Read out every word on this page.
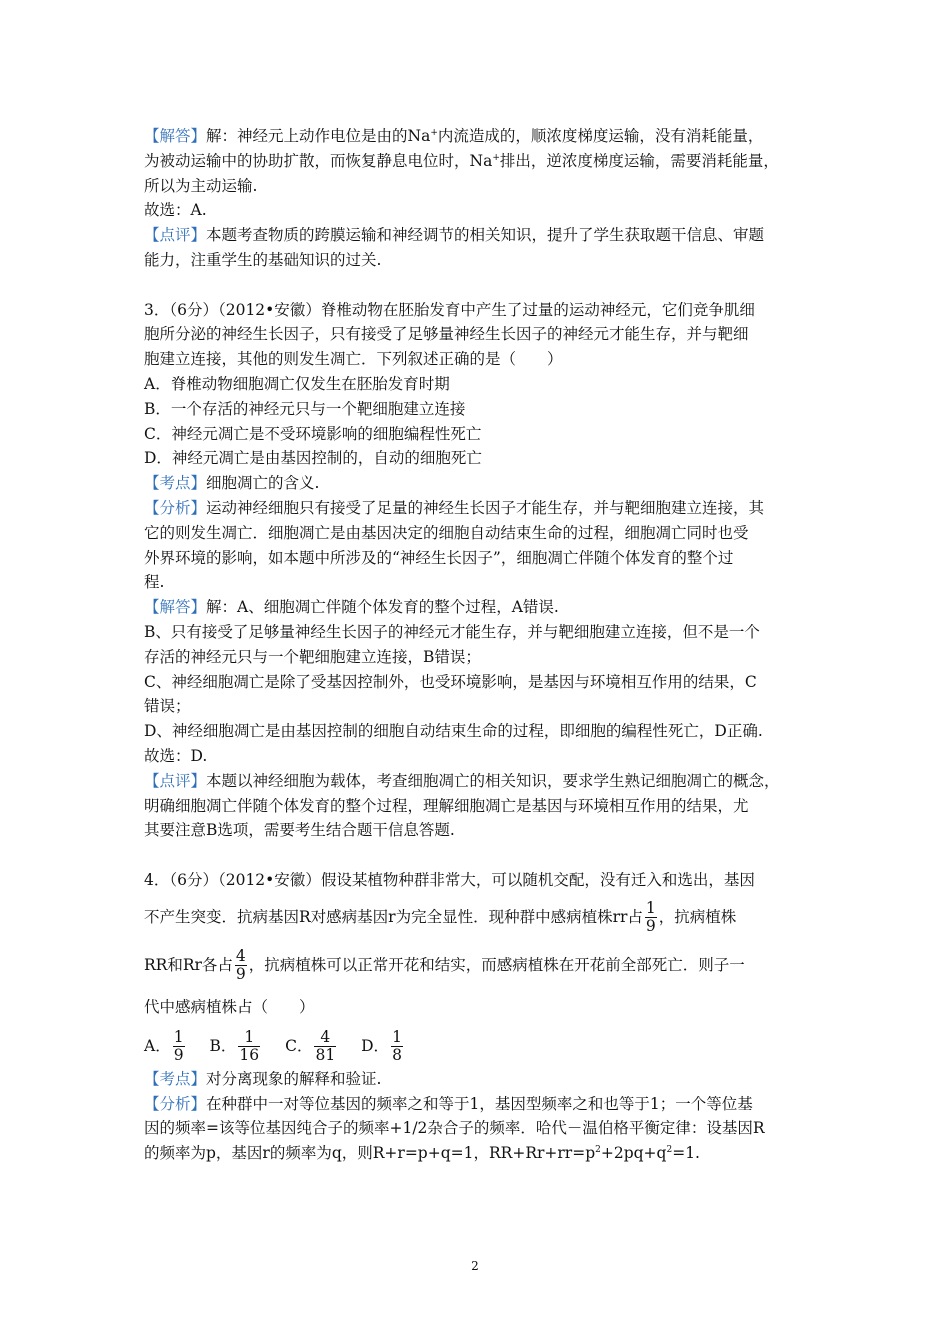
【解答】解：神经元上动作电位是由的Na+内流造成的，顺浓度梯度运输，没有消耗能量，
为被动运输中的协助扩散，而恢复静息电位时，Na+排出，逆浓度梯度运输，需要消耗能量，
所以为主动运输.
故选：A.
【点评】本题考查物质的跨膜运输和神经调节的相关知识，提升了学生获取题干信息、审题
能力，注重学生的基础知识的过关.
3．（6分）（2012•安徽）脊椎动物在胚胎发育中产生了过量的运动神经元，它们竞争肌细
胞所分泌的神经生长因子，只有接受了足够量神经生长因子的神经元才能生存，并与靶细
胞建立连接，其他的则发生凋亡．下列叙述正确的是（　　）
A．脊椎动物细胞凋亡仅发生在胚胎发育时期
B．一个存活的神经元只与一个靶细胞建立连接
C．神经元凋亡是不受环境影响的细胞编程性死亡
D．神经元凋亡是由基因控制的，自动的细胞死亡
【考点】细胞凋亡的含义.
【分析】运动神经细胞只有接受了足量的神经生长因子才能生存，并与靶细胞建立连接，其
它的则发生凋亡．细胞凋亡是由基因决定的细胞自动结束生命的过程，细胞凋亡同时也受
外界环境的影响，如本题中所涉及的“神经生长因子”，细胞凋亡伴随个体发育的整个过
程.
【解答】解：A、细胞凋亡伴随个体发育的整个过程，A错误.
B、只有接受了足够量神经生长因子的神经元才能生存，并与靶细胞建立连接，但不是一个
存活的神经元只与一个靶细胞建立连接，B错误；
C、神经细胞凋亡是除了受基因控制外，也受环境影响，是基因与环境相互作用的结果，C
错误；
D、神经细胞凋亡是由基因控制的细胞自动结束生命的过程，即细胞的编程性死亡，D正确.
故选：D.
【点评】本题以神经细胞为载体，考查细胞凋亡的相关知识，要求学生熟记细胞凋亡的概念，
明确细胞凋亡伴随个体发育的整个过程，理解细胞凋亡是基因与环境相互作用的结果，尤
其要注意B选项，需要考生结合题干信息答题.
4．（6分）（2012•安徽）假设某植物种群非常大，可以随机交配，没有迁入和选出，基因
不产生突变．抗病基因R对感病基因r为完全显性．现种群中感病植株rr占 $\frac{1}{9}$ ，抗病植株
RR和Rr各占 $\frac{4}{9}$ ，抗病植株可以正常开花和结实，而感病植株在开花前全部死亡．则子一
代中感病植株占（　　）
A． $\frac{1}{9}$ B． $\frac{1}{16}$ C． $\frac{4}{81}$ D． $\frac{1}{8}$
【考点】对分离现象的解释和验证.
【分析】在种群中一对等位基因的频率之和等于1，基因型频率之和也等于1；一个等位基
因的频率=该等位基因纯合子的频率+1/2杂合子的频率．哈代－温伯格平衡定律：设基因R
的频率为p，基因r的频率为q，则R+r=p+q=1，$RR+Rr+rr=p^2+2pq+q^2=1$.
2
